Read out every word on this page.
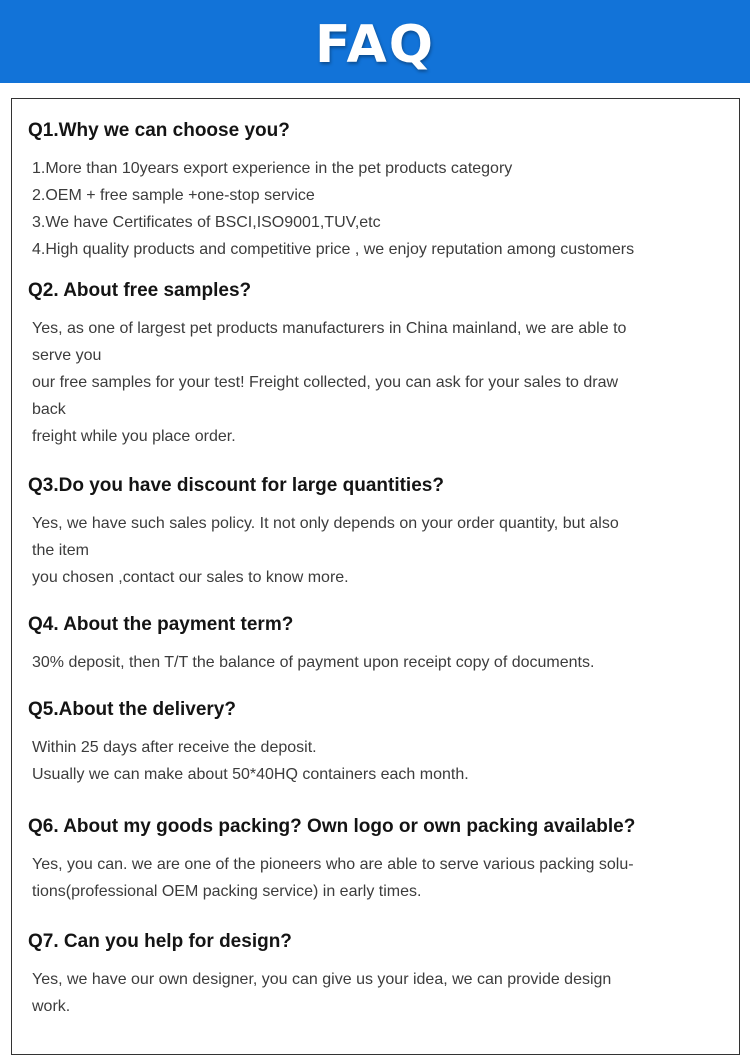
FAQ
Q1.Why we can choose you?
1.More than 10years export experience in the pet products category
2.OEM + free sample +one-stop service
3.We have Certificates of BSCI,ISO9001,TUV,etc
4.High quality products and competitive price , we enjoy reputation among customers
Q2. About free samples?
Yes, as one of largest pet products manufacturers in China mainland, we are able to
serve you
our free samples for your test! Freight collected, you can ask for your sales to draw
back
freight while you place order.
Q3.Do you have discount for large quantities?
Yes, we have such sales policy. It not only depends on your order quantity, but also
the item
you chosen ,contact our sales to know more.
Q4. About the payment term?
30% deposit, then T/T the balance of payment upon receipt copy of documents.
Q5.About the delivery?
Within 25 days after receive the deposit.
Usually we can make about 50*40HQ containers each month.
Q6. About my goods packing? Own logo or own packing available?
Yes, you can. we are one of the pioneers who are able to serve various packing solu-
tions(professional OEM packing service) in early times.
Q7. Can you help for design?
Yes, we have our own designer, you can give us your idea, we can provide design
work.
